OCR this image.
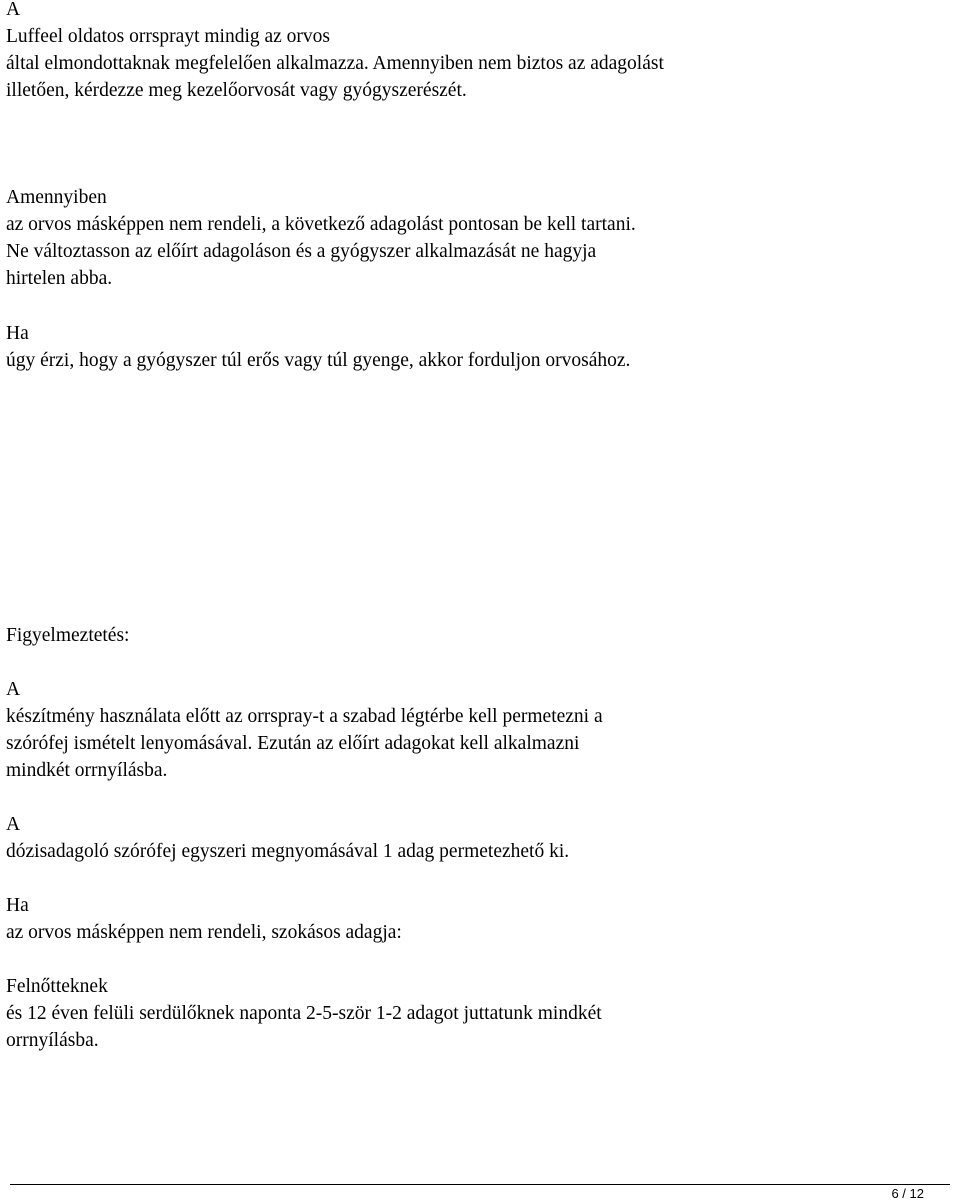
A
Luffeel oldatos orrsprayt mindig az orvos
által elmondottaknak megfelelően alkalmazza. Amennyiben nem biztos az adagolást
illetően, kérdezze meg kezelőorvosát vagy gyógyszerészét.

Amennyiben
az orvos másképpen nem rendeli, a következő adagolást pontosan be kell tartani.
Ne változtasson az előírt adagoláson és a gyógyszer alkalmazását ne hagyja
hirtelen abba.

Ha
úgy érzi, hogy a gyógyszer túl erős vagy túl gyenge, akkor forduljon orvosához.

Figyelmeztetés:

A
készítmény használata előtt az orrspray-t a szabad légtérbe kell permetezni a
szórófej ismételt lenyomásával. Ezután az előírt adagokat kell alkalmazni
mindkét orrnyílásba.

A
dózisadagoló szórófej egyszeri megnyomásával 1 adag permetezhető ki.

Ha
az orvos másképpen nem rendeli, szokásos adagja:

Felnőtteknek
és 12 éven felüli serdülőknek naponta 2-5-ször 1-2 adagot juttatunk mindkét
orrnyílásba.

6 / 12
